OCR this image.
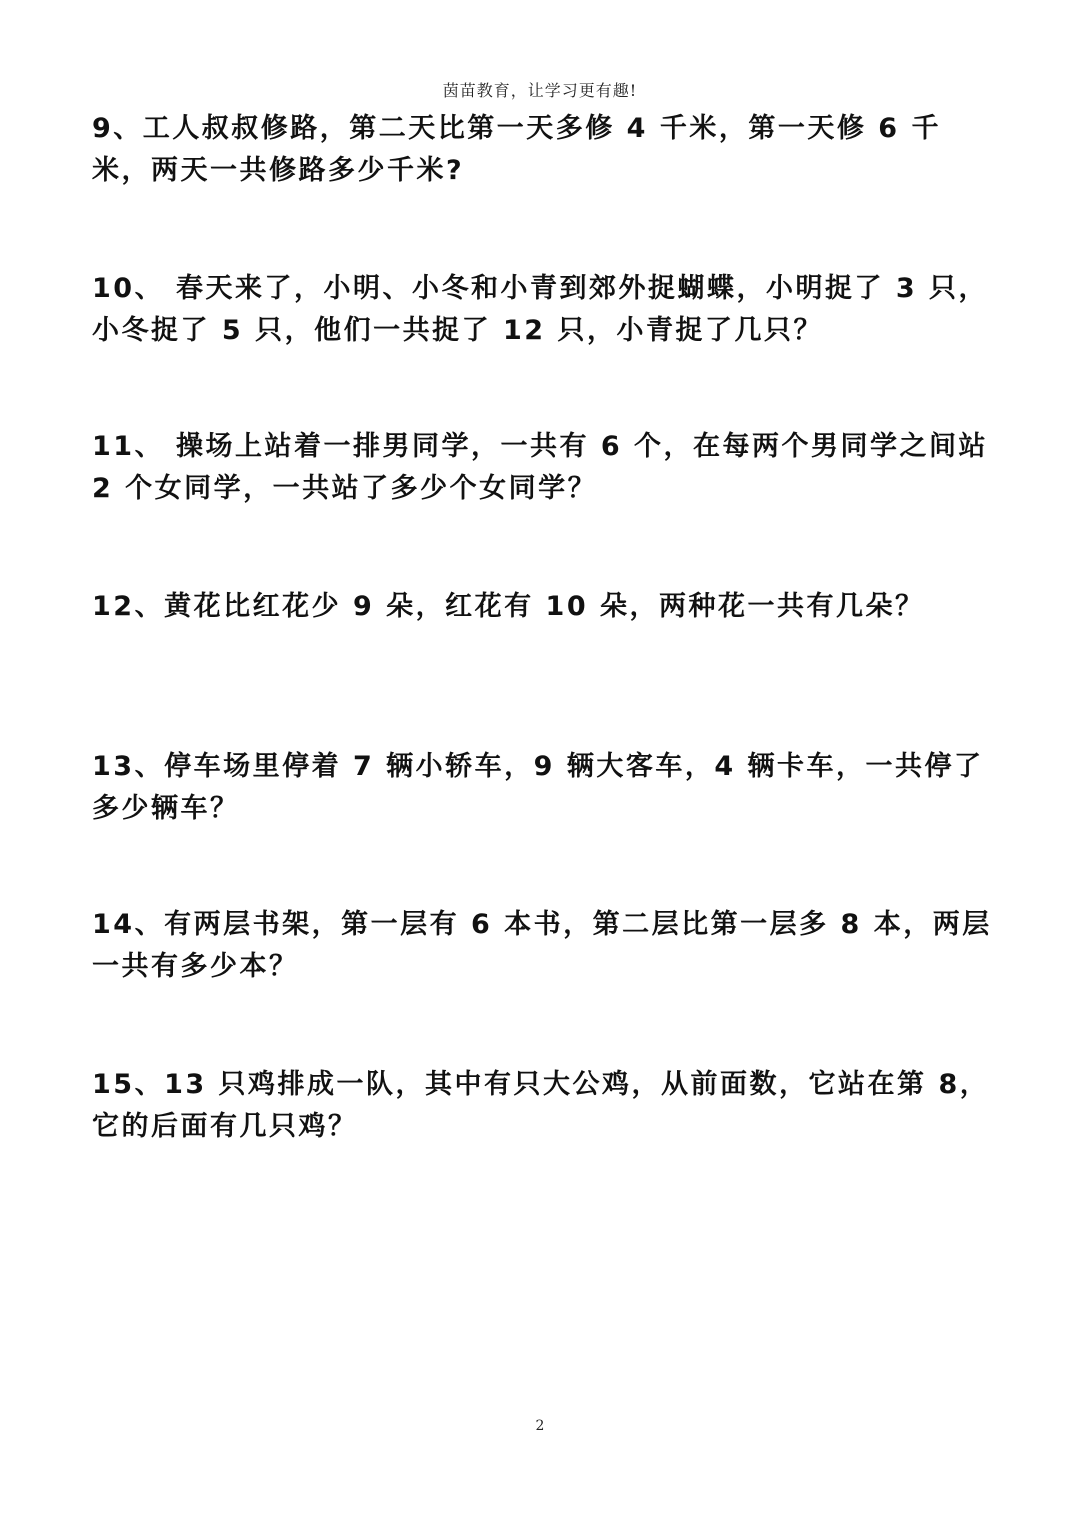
茵苗教育，让学习更有趣!

9、工人叔叔修路，第二天比第一天多修 4 千米，第一天修 6 千米，两天一共修路多少千米?

10、 春天来了，小明、小冬和小青到郊外捉蝴蝶，小明捉了 3 只，小冬捉了 5 只，他们一共捉了 12 只，小青捉了几只？

11、 操场上站着一排男同学，一共有 6 个，在每两个男同学之间站 2 个女同学，一共站了多少个女同学？

12、黄花比红花少 9 朵，红花有 10 朵，两种花一共有几朵？

13、停车场里停着 7 辆小轿车，9 辆大客车，4 辆卡车，一共停了多少辆车？

14、有两层书架，第一层有 6 本书，第二层比第一层多 8 本，两层一共有多少本？

15、13 只鸡排成一队，其中有只大公鸡，从前面数，它站在第 8，它的后面有几只鸡？

2
